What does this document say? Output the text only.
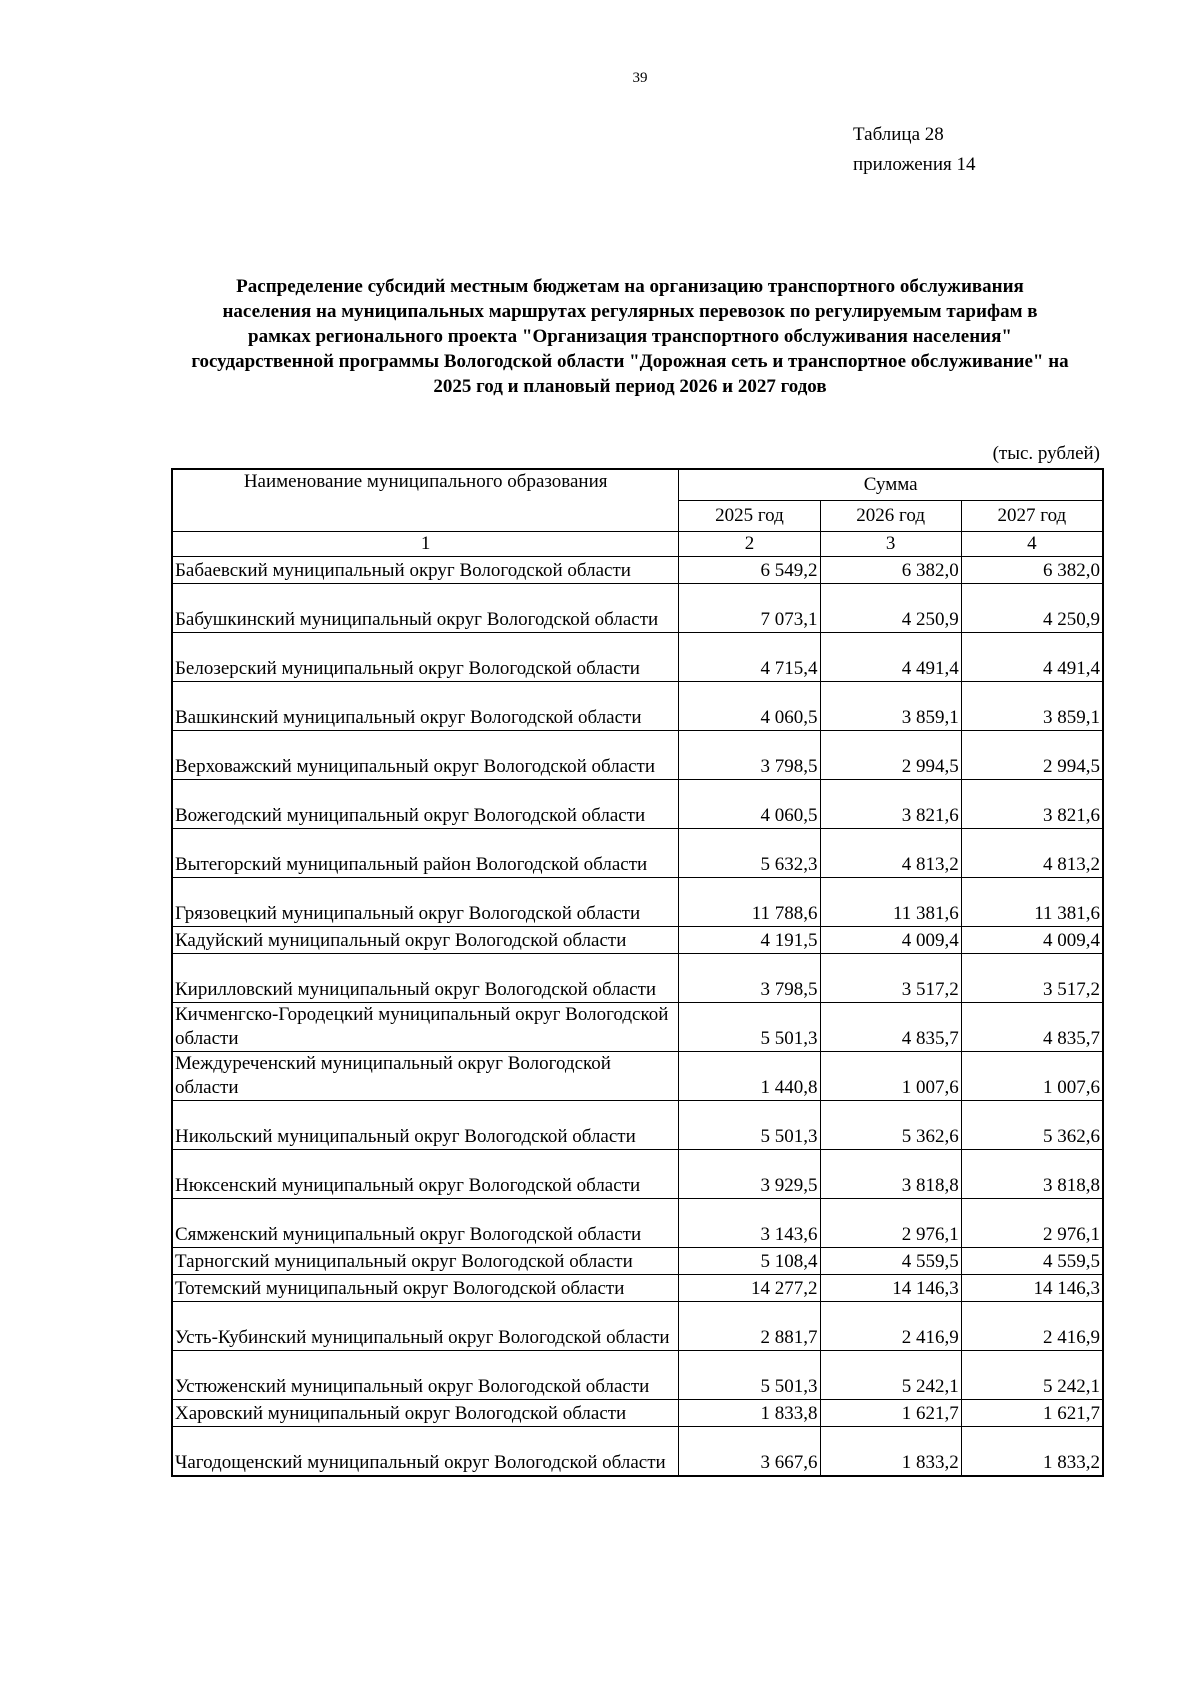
39
Таблица 28
приложения 14
Распределение субсидий местным бюджетам на организацию транспортного обслуживания населения на муниципальных маршрутах регулярных перевозок по регулируемым тарифам в рамках регионального проекта "Организация транспортного обслуживания населения" государственной программы Вологодской области "Дорожная сеть и транспортное обслуживание" на 2025 год и плановый период 2026 и 2027 годов
(тыс. рублей)
Наименование муниципального образования	Сумма		
	2025 год	2026 год	2027 год
1	2	3	4
Бабаевский муниципальный округ Вологодской области	6 549,2	6 382,0	6 382,0
Бабушкинский муниципальный округ Вологодской области	7 073,1	4 250,9	4 250,9
Белозерский муниципальный округ Вологодской области	4 715,4	4 491,4	4 491,4
Вашкинский муниципальный округ Вологодской области	4 060,5	3 859,1	3 859,1
Верховажский муниципальный округ Вологодской области	3 798,5	2 994,5	2 994,5
Вожегодский муниципальный округ Вологодской области	4 060,5	3 821,6	3 821,6
Вытегорский муниципальный район Вологодской области	5 632,3	4 813,2	4 813,2
Грязовецкий муниципальный округ Вологодской области	11 788,6	11 381,6	11 381,6
Кадуйский муниципальный округ Вологодской области	4 191,5	4 009,4	4 009,4
Кирилловский муниципальный округ Вологодской области	3 798,5	3 517,2	3 517,2
Кичменгско-Городецкий муниципальный округ Вологодской области	5 501,3	4 835,7	4 835,7
Междуреченский муниципальный округ Вологодской области	1 440,8	1 007,6	1 007,6
Никольский муниципальный округ Вологодской области	5 501,3	5 362,6	5 362,6
Нюксенский муниципальный округ Вологодской области	3 929,5	3 818,8	3 818,8
Сямженский муниципальный округ Вологодской области	3 143,6	2 976,1	2 976,1
Тарногский муниципальный округ Вологодской области	5 108,4	4 559,5	4 559,5
Тотемский муниципальный округ Вологодской области	14 277,2	14 146,3	14 146,3
Усть-Кубинский муниципальный округ Вологодской области	2 881,7	2 416,9	2 416,9
Устюженский муниципальный округ Вологодской области	5 501,3	5 242,1	5 242,1
Харовский муниципальный округ Вологодской области	1 833,8	1 621,7	1 621,7
Чагодощенский муниципальный округ Вологодской области	3 667,6	1 833,2	1 833,2
